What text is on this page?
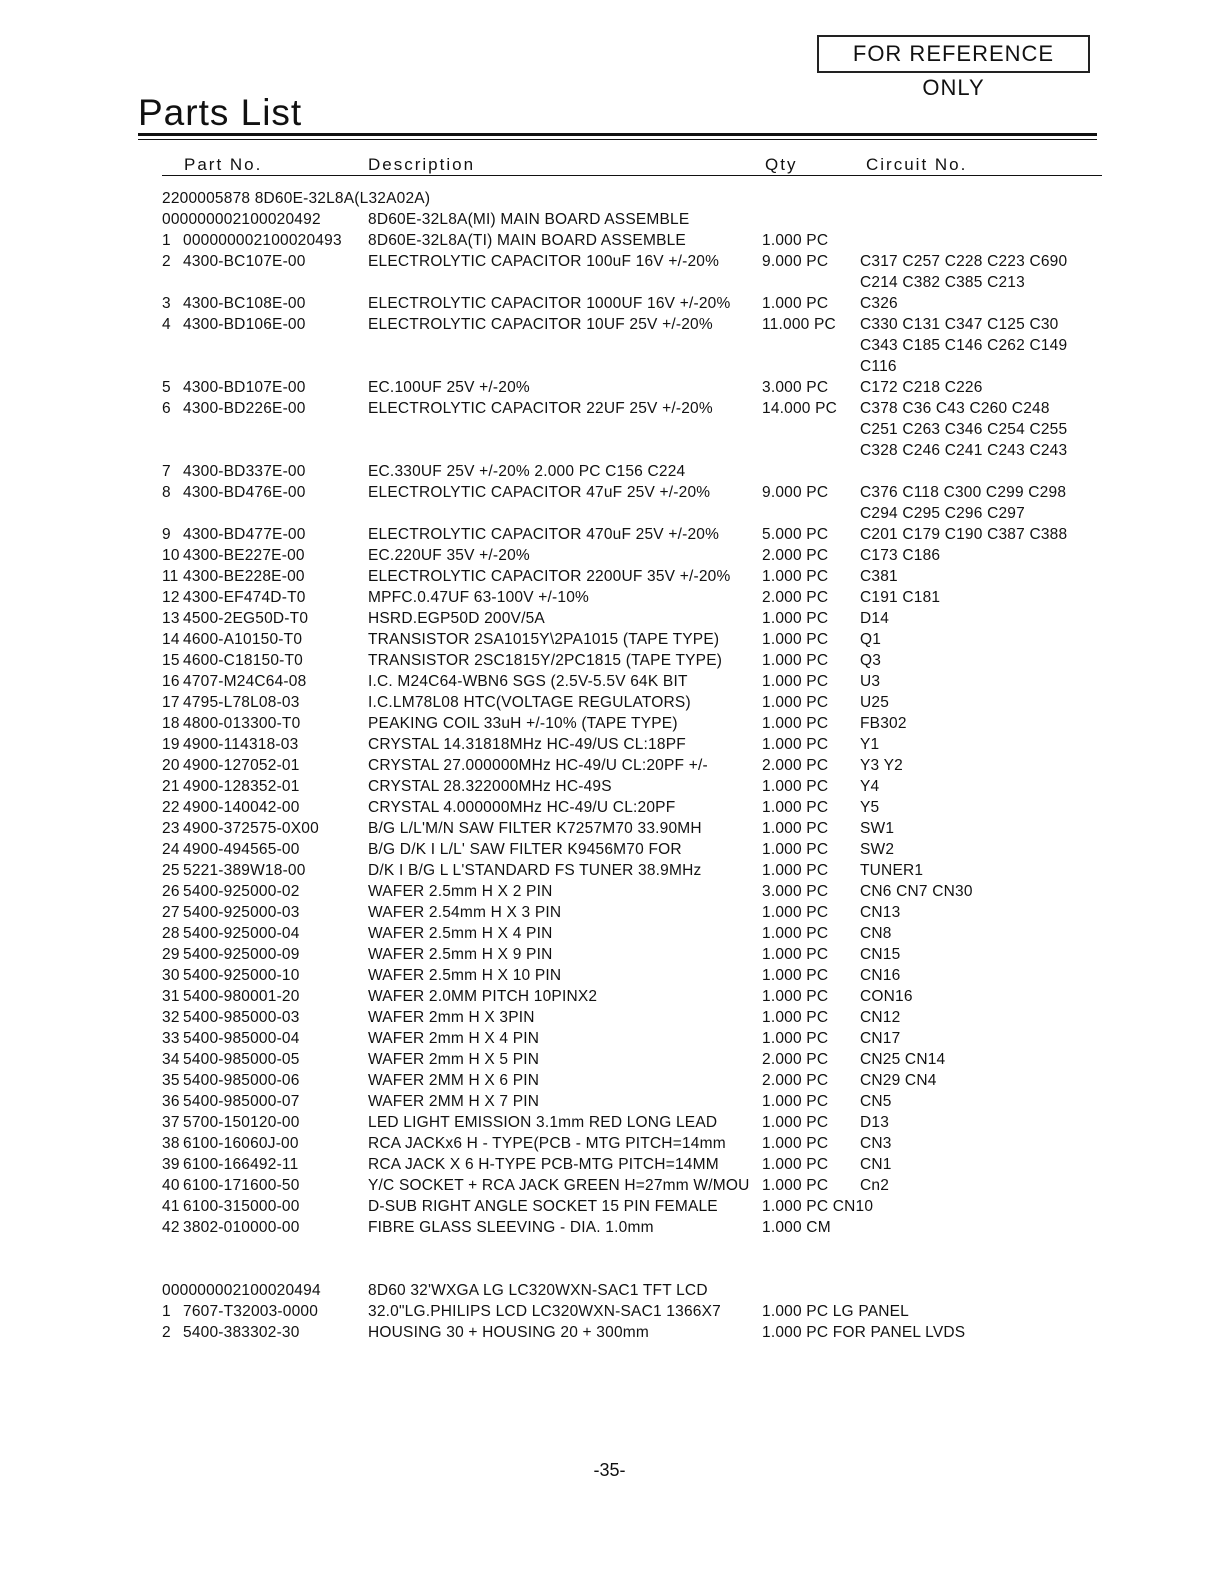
FOR REFERENCE ONLY
Parts List
Part No.	Description	Qty	Circuit No.
2200005878 8D60E-32L8A(L32A02A)
000000002100020492	8D60E-32L8A(MI) MAIN BOARD ASSEMBLE
1 000000002100020493 8D60E-32L8A(TI) MAIN BOARD ASSEMBLE	1.000 PC
2 4300-BC107E-00	ELECTROLYTIC CAPACITOR 100uF 16V +/-20%	9.000 PC C317 C257 C228 C223 C690
C214 C382 C385 C213
3 4300-BC108E-00	ELECTROLYTIC CAPACITOR 1000UF 16V +/-20% 1.000 PC C326
4 4300-BD106E-00	ELECTROLYTIC CAPACITOR 10UF 25V +/-20%	11.000 PC C330 C131 C347 C125 C30
C343 C185 C146 C262 C149
C116
5 4300-BD107E-00	EC.100UF 25V +/-20%	3.000 PC C172 C218 C226
6 4300-BD226E-00	ELECTROLYTIC CAPACITOR 22UF 25V +/-20%	14.000 PC C378 C36 C43 C260 C248
C251 C263 C346 C254 C255
C328 C246 C241 C243 C243
7 4300-BD337E-00	EC.330UF 25V +/-20% 2.000 PC C156 C224
8 4300-BD476E-00	ELECTROLYTIC CAPACITOR 47uF 25V +/-20%	9.000 PC C376 C118 C300 C299 C298
C294 C295 C296 C297
9 4300-BD477E-00	ELECTROLYTIC CAPACITOR 470uF 25V +/-20%	5.000 PC C201 C179 C190 C387 C388
10 4300-BE227E-00	EC.220UF 35V +/-20%	2.000 PC C173 C186
11 4300-BE228E-00	ELECTROLYTIC CAPACITOR 2200UF 35V +/-20% 1.000 PC C381
12 4300-EF474D-T0	MPFC.0.47UF 63-100V +/-10%	2.000 PC C191 C181
13 4500-2EG50D-T0	HSRD.EGP50D 200V/5A	1.000 PC D14
14 4600-A10150-T0	TRANSISTOR 2SA1015Y\2PA1015 (TAPE TYPE)	1.000 PC Q1
15 4600-C18150-T0	TRANSISTOR 2SC1815Y/2PC1815 (TAPE TYPE)	1.000 PC Q3
16 4707-M24C64-08	I.C. M24C64-WBN6 SGS (2.5V-5.5V 64K BIT	1.000 PC U3
17 4795-L78L08-03	I.C.LM78L08 HTC(VOLTAGE REGULATORS)	1.000 PC U25
18 4800-013300-T0	PEAKING COIL 33uH +/-10% (TAPE TYPE)	1.000 PC FB302
19 4900-114318-03	CRYSTAL 14.31818MHz HC-49/US CL:18PF	1.000 PC Y1
20 4900-127052-01	CRYSTAL 27.000000MHz HC-49/U CL:20PF +/-	2.000 PC Y3 Y2
21 4900-128352-01	CRYSTAL 28.322000MHz HC-49S	1.000 PC Y4
22 4900-140042-00	CRYSTAL 4.000000MHz HC-49/U CL:20PF	1.000 PC Y5
23 4900-372575-0X00	B/G L/L'M/N SAW FILTER K7257M70 33.90MH	1.000 PC SW1
24 4900-494565-00	B/G D/K I L/L' SAW FILTER K9456M70 FOR	1.000 PC SW2
25 5221-389W18-00	D/K I B/G L L'STANDARD FS TUNER 38.9MHz	1.000 PC TUNER1
26 5400-925000-02	WAFER 2.5mm H X 2 PIN	3.000 PC CN6 CN7 CN30
27 5400-925000-03	WAFER 2.54mm H X 3 PIN	1.000 PC CN13
28 5400-925000-04	WAFER 2.5mm H X 4 PIN	1.000 PC CN8
29 5400-925000-09	WAFER 2.5mm H X 9 PIN	1.000 PC CN15
30 5400-925000-10	WAFER 2.5mm H X 10 PIN	1.000 PC CN16
31 5400-980001-20	WAFER 2.0MM PITCH 10PINX2	1.000 PC CON16
32 5400-985000-03	WAFER 2mm H X 3PIN	1.000 PC CN12
33 5400-985000-04	WAFER 2mm H X 4 PIN	1.000 PC CN17
34 5400-985000-05	WAFER 2mm H X 5 PIN	2.000 PC CN25 CN14
35 5400-985000-06	WAFER 2MM H X 6 PIN	2.000 PC CN29 CN4
36 5400-985000-07	WAFER 2MM H X 7 PIN	1.000 PC CN5
37 5700-150120-00	LED LIGHT EMISSION 3.1mm RED LONG LEAD	1.000 PC D13
38 6100-16060J-00	RCA JACKx6 H - TYPE(PCB - MTG PITCH=14mm 1.000 PC CN3
39 6100-166492-11	RCA JACK X 6 H-TYPE PCB-MTG PITCH=14MM	1.000 PC CN1
40 6100-171600-50	Y/C SOCKET + RCA JACK GREEN H=27mm W/MOU 1.000 PC Cn2
41 6100-315000-00	D-SUB RIGHT ANGLE SOCKET 15 PIN FEMALE	1.000 PC CN10
42 3802-010000-00	FIBRE GLASS SLEEVING - DIA. 1.0mm	1.000 CM
000000002100020494	8D60 32'WXGA LG LC320WXN-SAC1 TFT LCD
1 7607-T32003-0000	32.0"LG.PHILIPS LCD LC320WXN-SAC1 1366X7	1.000 PC LG PANEL
2 5400-383302-30	HOUSING 30 + HOUSING 20 + 300mm	1.000 PC FOR PANEL LVDS
-35-
